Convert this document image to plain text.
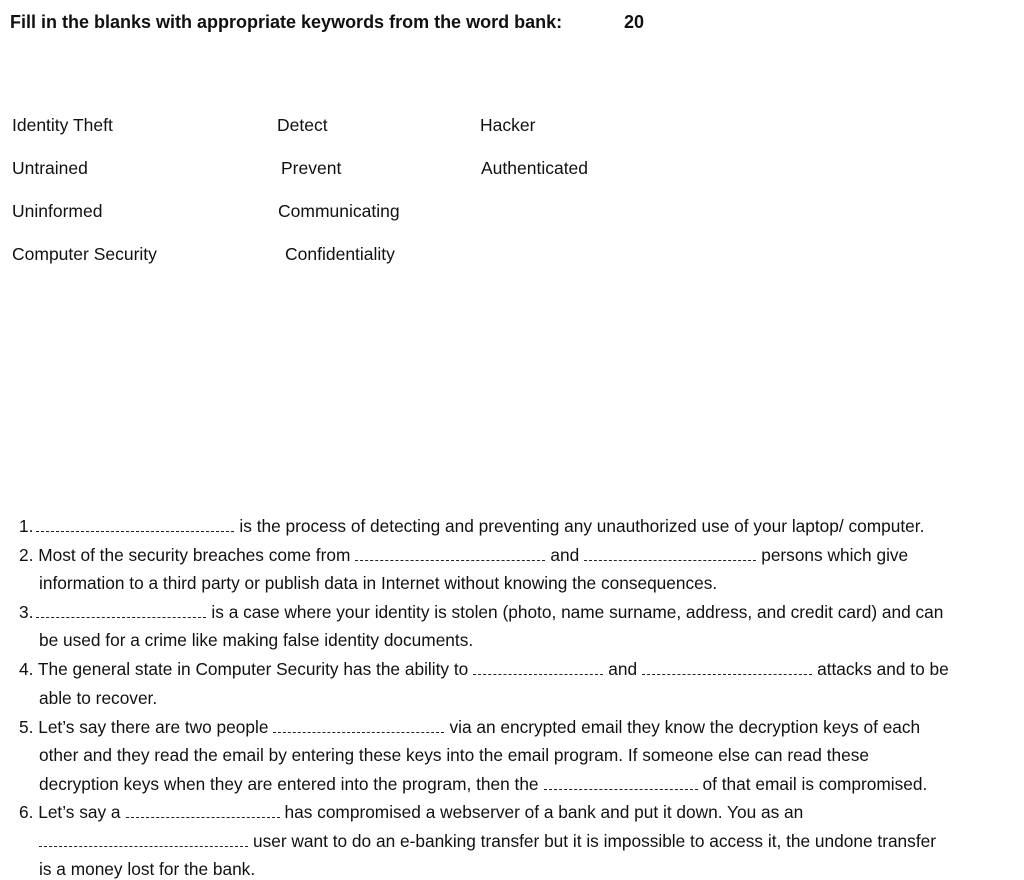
Fill in the blanks with appropriate keywords from the word bank:	20
Identity Theft	Detect	Hacker
Untrained	Prevent	Authenticated
Uninformed	Communicating
Computer Security	Confidentiality
1.	is the process of detecting and preventing any unauthorized use of your laptop/ computer.
2. Most of the security breaches come from	and	persons which give
information to a third party or publish data in Internet without knowing the consequences.
3.	is a case where your identity is stolen (photo, name surname, address, and credit card) and can
be used for a crime like making false identity documents.
4. The general state in Computer Security has the ability to	and	attacks and to be
able to recover.
5. Let’s say there are two people	via an encrypted email they know the decryption keys of each
other and they read the email by entering these keys into the email program. If someone else can read these
decryption keys when they are entered into the program, then the	of that email is compromised.
6. Let’s say a	has compromised a webserver of a bank and put it down. You as an
user want to do an e-banking transfer but it is impossible to access it, the undone transfer
is a money lost for the bank.
